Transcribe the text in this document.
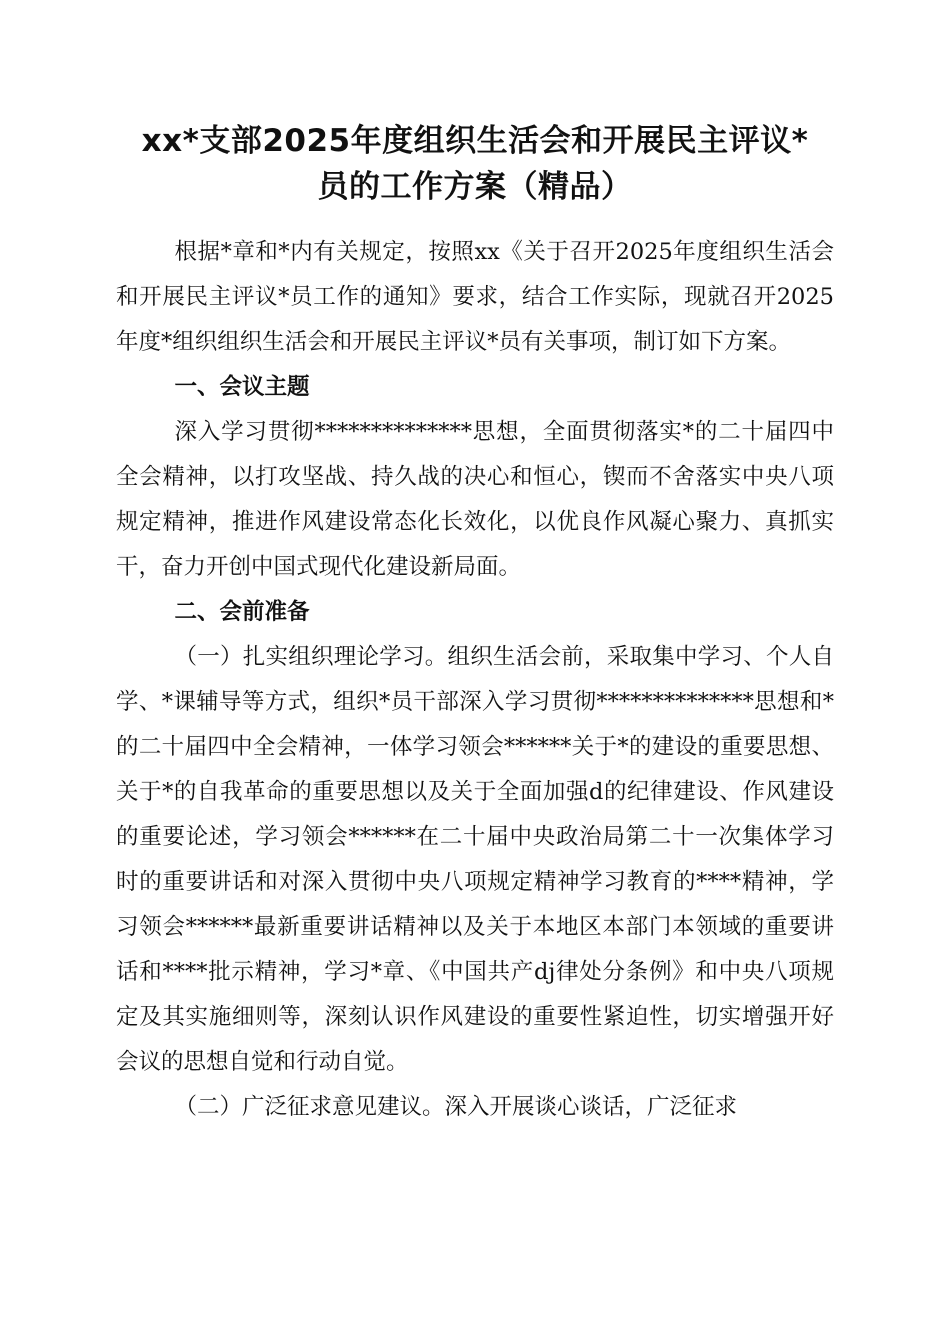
xx*支部2025年度组织生活会和开展民主评议*
员的工作方案（精品）

根据*章和*内有关规定，按照xx《关于召开2025年度组织生活会和开展民主评议*员工作的通知》要求，结合工作实际，现就召开2025年度*组织组织生活会和开展民主评议*员有关事项，制订如下方案。

一、会议主题

深入学习贯彻**************思想，全面贯彻落实*的二十届四中全会精神，以打攻坚战、持久战的决心和恒心，锲而不舍落实中央八项规定精神，推进作风建设常态化长效化，以优良作风凝心聚力、真抓实干，奋力开创中国式现代化建设新局面。

二、会前准备

（一）扎实组织理论学习。组织生活会前，采取集中学习、个人自学、*课辅导等方式，组织*员干部深入学习贯彻**************思想和*的二十届四中全会精神，一体学习领会******关于*的建设的重要思想、关于*的自我革命的重要思想以及关于全面加强d的纪律建设、作风建设的重要论述，学习领会******在二十届中央政治局第二十一次集体学习时的重要讲话和对深入贯彻中央八项规定精神学习教育的****精神，学习领会******最新重要讲话精神以及关于本地区本部门本领域的重要讲话和****批示精神，学习*章、《中国共产dj律处分条例》和中央八项规定及其实施细则等，深刻认识作风建设的重要性紧迫性，切实增强开好会议的思想自觉和行动自觉。

（二）广泛征求意见建议。深入开展谈心谈话，广泛征求
